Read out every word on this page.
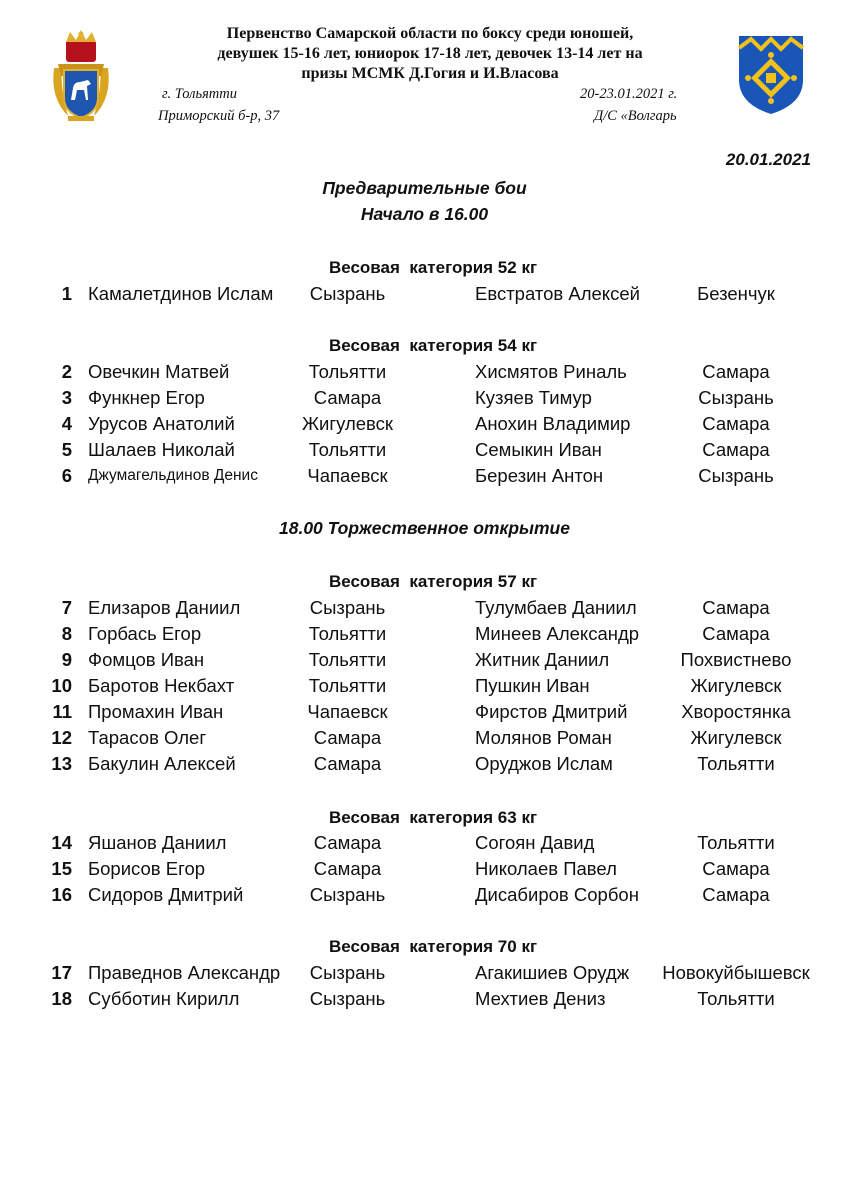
Первенство Самарской области по боксу среди юношей,
девушек 15-16 лет, юниорок 17-18 лет, девочек 13-14 лет на
призы МСМК Д.Гогия и И.Власова
г. Тольятти	20-23.01.2021 г.
Приморский б-р, 37	Д/С «Волгарь
20.01.2021
Предварительные бои
Начало в 16.00
Весовая  категория 52 кг
1 Камалетдинов Ислам	Сызрань	Евстратов Алексей	Безенчук
Весовая  категория 54 кг
2 Овечкин Матвей	Тольятти	Хисмятов Риналь	Самара
3 Функнер Егор	Самара	Кузяев Тимур	Сызрань
4 Урусов Анатолий	Жигулевск	Анохин Владимир	Самара
5 Шалаев Николай	Тольятти	Семыкин Иван	Самара
6 Джумагельдинов Денис	Чапаевск	Березин Антон	Сызрань
18.00 Торжественное открытие
Весовая  категория 57 кг
7 Елизаров Даниил	Сызрань	Тулумбаев Даниил	Самара
8 Горбась Егор	Тольятти	Минеев Александр	Самара
9 Фомцов Иван	Тольятти	Житник Даниил	Похвистнево
10 Баротов Некбахт	Тольятти	Пушкин Иван	Жигулевск
11 Промахин Иван	Чапаевск	Фирстов Дмитрий	Хворостянка
12 Тарасов Олег	Самара	Молянов Роман	Жигулевск
13 Бакулин Алексей	Самара	Оруджов Ислам	Тольятти
Весовая  категория 63 кг
14 Яшанов Даниил	Самара	Согоян Давид	Тольятти
15 Борисов Егор	Самара	Николаев Павел	Самара
16 Сидоров Дмитрий	Сызрань	Дисабиров Сорбон	Самара
Весовая  категория 70 кг
17 Праведнов Александр	Сызрань	Агакишиев Орудж	Новокуйбышевск
18 Субботин Кирилл	Сызрань	Мехтиев Дениз	Тольятти
